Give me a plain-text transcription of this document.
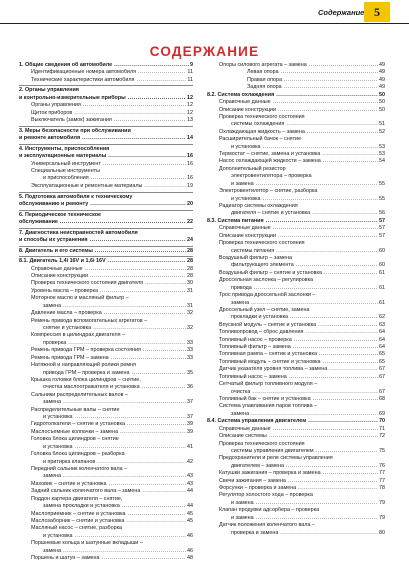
Содержание 5
СОДЕРЖАНИЕ
1. Общие сведения об автомобиле .....	9
Идентификационные номера автомобиля .....	11
Технические характеристики автомобиля .....	11
2. Органы управления
и контрольно-измерительные приборы .....	12
Органы управления .....	12
Щиток приборов .....	12
Выключатель (замок) зажигания .....	13
3. Меры безопасности при обслуживании
и ремонте автомобиля .....	14
4. Инструменты, приспособления
и эксплуатационные материалы .....	16
Универсальный инструмент .....	16
Специальные инструменты
и приспособления .....	16
Эксплуатационные и ремонтные материалы .....	19
5. Подготовка автомобиля к техническому
обслуживанию и ремонту .....	20
6. Периодическое техническое
обслуживание .....	22
7. Диагностика неисправностей автомобиля
и способы их устранения .....	24
8. Двигатель и его системы .....	28
8.1. Двигатель 1,4i 16V и 1,6i 16V .....	28
Справочные данные .....	28
Описание конструкции .....	28
Проверка технического состояния двигателя .....	30
Уровень масла – проверка .....	31
Моторное масло и масляный фильтр –
замена .....	31
Давление масла – проверка .....	32
Ремень привода вспомогательных агрегатов –
снятие и установка .....	32
Компрессия в цилиндрах двигателя –
проверка .....	33
Ремень привода ГРМ – проверка состояния .....	33
Ремень привода ГРМ – замена .....	33
Натяжной и направляющий ролики ремня
привода ГРМ – проверка и замена .....	35
Крышка головки блока цилиндров – снятие,
очистка маслоотражателя и установка .....	36
Сальники распределительных валов –
замена .....	37
Распределительные валы – снятие
и установка .....	37
Гидротолкатели – снятие и установка .....	39
Маслосъемные колпачки – замена .....	39
Головка блока цилиндров – снятие
и установка .....	41
Головка блока цилиндров – разборка
и притирка клапанов .....	42
Передний сальник коленчатого вала –
замена .....	43
Маховик – снятие и установка .....	43
Задний сальник коленчатого вала – замена .....	44
Поддон картера двигателя – снятие,
замена прокладки и установка .....	44
Маслоприемник – снятие и установка .....	45
Маслозаборник – снятие и установка .....	45
Масляный насос – снятие, разборка
и установка .....	46
Поршневые кольца и шатунные вкладыши –
замена .....	46
Поршень и шатун – замена .....	48
Опоры силового агрегата – замена .....	49
Левая опора .....	49
Правая опора .....	49
Задняя опора .....	49
8.2. Система охлаждения .....	50
Справочные данные .....	50
Описание конструкции .....	50
Проверка технического состояния
системы охлаждения .....	51
Охлаждающая жидкость – замена .....	52
Расширительный бачок – снятие
и установка .....	53
Термостат – снятие, замена и установка .....	53
Насос охлаждающей жидкости – замена .....	54
Дополнительный резистор
электровентилятора – проверка
и замена .....	55
Электровентилятор – снятие, разборка
и установка .....	55
Радиатор системы охлаждения
двигателя – снятие и установка .....	56
8.3. Система питания .....	57
Справочные данные .....	57
Описание конструкции .....	57
Проверка технического состояния
системы питания .....	60
Воздушный фильтр – замена
фильтрующего элемента .....	60
Воздушный фильтр – снятие и установка .....	61
Дроссельная заслонка – регулировка
привода .....	61
Трос привода дроссельной заслонки –
замена .....	61
Дроссельный узел – снятие, замена
прокладки и установка .....	62
Впускной модуль – снятие и установка .....	63
Топливопровод – сброс давления .....	64
Топливный насос – проверка .....	64
Топливный фильтр – замена .....	64
Топливная рампа – снятие и установка .....	65
Топливный модуль – снятие и установка .....	65
Датчик указателя уровня топлива – замена .....	67
Топливный насос – замена .....	67
Сетчатый фильтр топливного модуля –
очистка .....	67
Топливный бак – снятие и установка .....	68
Система улавливания паров топлива –
замена .....	69
8.4. Система управления двигателем .....	70
Справочные данные .....	71
Описание системы .....	72
Проверка технического состояния
системы управления двигателем .....	75
Предохранители и реле системы управления
двигателем – замена .....	76
Катушки зажигания – проверка и замена .....	77
Свечи зажигания – замена .....	77
Форсунки – проверка и замена .....	78
Регулятор холостого хода – проверка
и замена .....	79
Клапан продувки адсорбера – проверка
и замена .....	79
Датчик положения коленчатого вала –
проверка и замена .....	80
